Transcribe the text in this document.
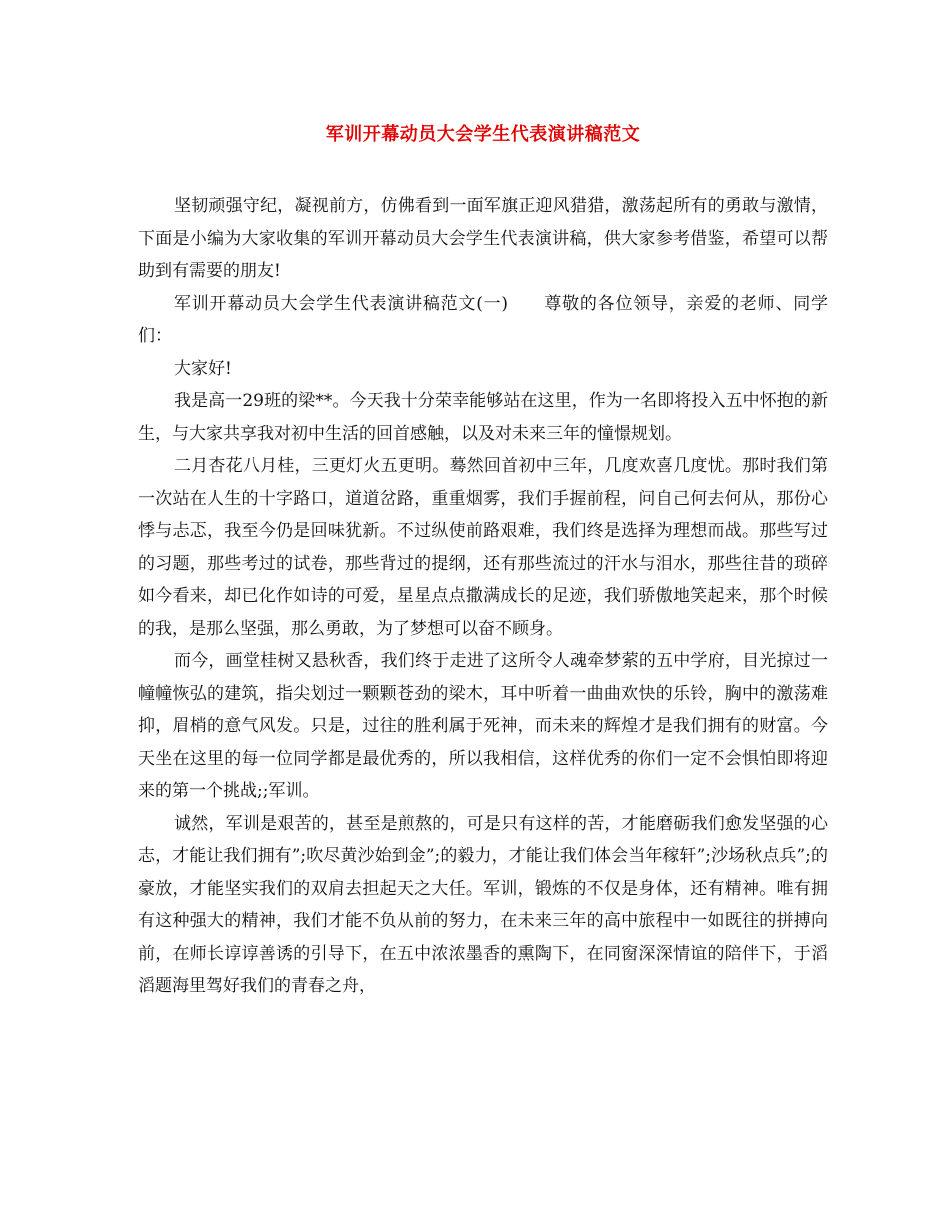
军训开幕动员大会学生代表演讲稿范文

坚韧顽强守纪，凝视前方，仿佛看到一面军旗正迎风猎猎，激荡起所有的勇敢与激情，下面是小编为大家收集的军训开幕动员大会学生代表演讲稿，供大家参考借鉴，希望可以帮助到有需要的朋友!

军训开幕动员大会学生代表演讲稿范文(一)　　尊敬的各位领导，亲爱的老师、同学们：

大家好!

我是高一29班的梁**。今天我十分荣幸能够站在这里，作为一名即将投入五中怀抱的新生，与大家共享我对初中生活的回首感触，以及对未来三年的憧憬规划。

二月杏花八月桂，三更灯火五更明。蓦然回首初中三年，几度欢喜几度忧。那时我们第一次站在人生的十字路口，道道岔路，重重烟雾，我们手握前程，问自己何去何从，那份心悸与忐忑，我至今仍是回味犹新。不过纵使前路艰难，我们终是选择为理想而战。那些写过的习题，那些考过的试卷，那些背过的提纲，还有那些流过的汗水与泪水，那些往昔的琐碎如今看来，却已化作如诗的可爱，星星点点撒满成长的足迹，我们骄傲地笑起来，那个时候的我，是那么坚强，那么勇敢，为了梦想可以奋不顾身。

而今，画堂桂树又悬秋香，我们终于走进了这所令人魂牵梦萦的五中学府，目光掠过一幢幢恢弘的建筑，指尖划过一颗颗苍劲的梁木，耳中听着一曲曲欢快的乐铃，胸中的激荡难抑，眉梢的意气风发。只是，过往的胜利属于死神，而未来的辉煌才是我们拥有的财富。今天坐在这里的每一位同学都是最优秀的，所以我相信，这样优秀的你们一定不会惧怕即将迎来的第一个挑战;;军训。

诚然，军训是艰苦的，甚至是煎熬的，可是只有这样的苦，才能磨砺我们愈发坚强的心志，才能让我们拥有”;吹尽黄沙始到金”;的毅力，才能让我们体会当年稼轩”;沙场秋点兵”;的豪放，才能坚实我们的双肩去担起天之大任。军训，锻炼的不仅是身体，还有精神。唯有拥有这种强大的精神，我们才能不负从前的努力，在未来三年的高中旅程中一如既往的拼搏向前，在师长谆谆善诱的引导下，在五中浓浓墨香的熏陶下，在同窗深深情谊的陪伴下，于滔滔题海里驾好我们的青春之舟，
